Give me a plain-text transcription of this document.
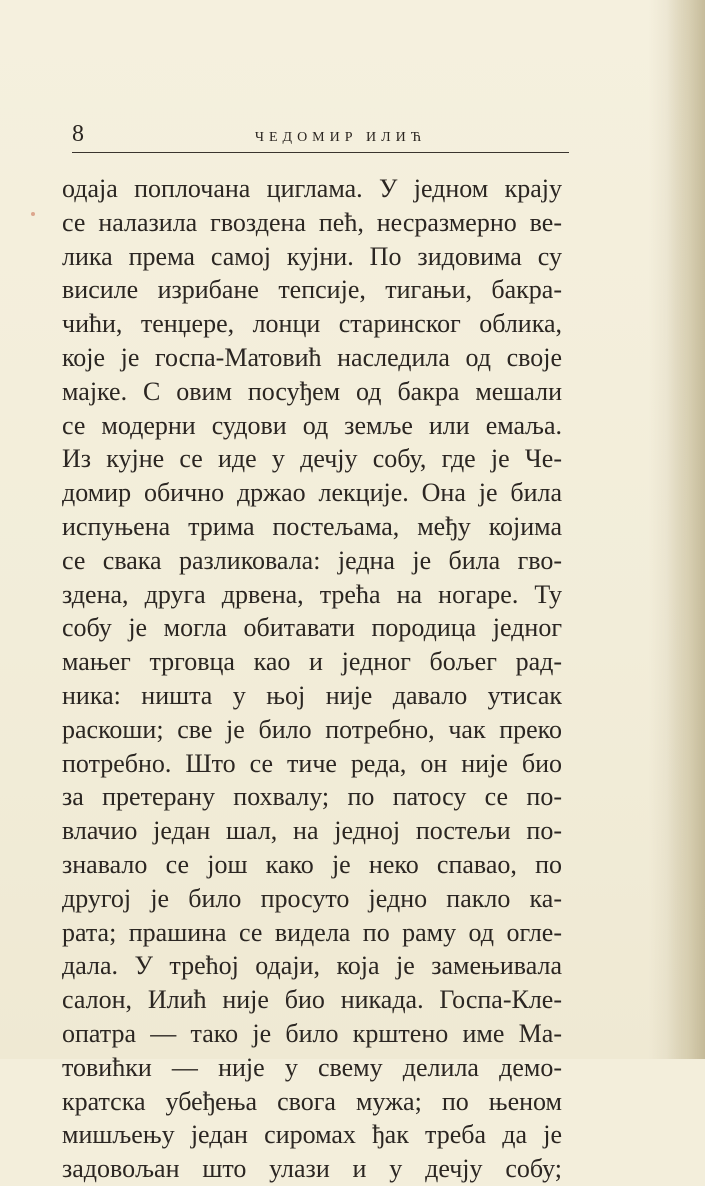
8	ЧЕДОМИР ИЛИЋ
одаја поплочана циглама. У једном крају
се налазила гвоздена пећ, несразмерно ве-
лика према самој кујни. По зидовима су
висиле изрибане тепсије, тигањи, бакра-
чићи, тенџере, лонци старинског облика,
које је госпа-Матовић наследила од своје
мајке. С овим посуђем од бакра мешали
се модерни судови од земље или емаља.
Из кујне се иде у дечју собу, где је Че-
домир обично држао лекције. Она је била
испуњена трима постељама, међу којима
се свака разликовала: једна је била гво-
здена, друга дрвена, трећа на ногаре. Ту
собу је могла обитавати породица једног
мањег трговца као и једног бољег рад-
ника: ништа у њој није давало утисак
раскоши; све је било потребно, чак преко
потребно. Што се тиче реда, он није био
за претерану похвалу; по патосу се по-
влачио један шал, на једној постељи по-
знавало се још како је неко спавао, по
другој је било просуто једно пакло ка-
рата; прашина се видела по раму од огле-
дала. У трећој одаји, која је замењивала
салон, Илић није био никада. Госпа-Кле-
опатра — тако је било крштено име Ма-
товићки — није у свему делила демо-
кратска убеђења свога мужа; по њеном
мишљењу један сиромах ђак треба да је
задовољан што улази и у дечју собу;
